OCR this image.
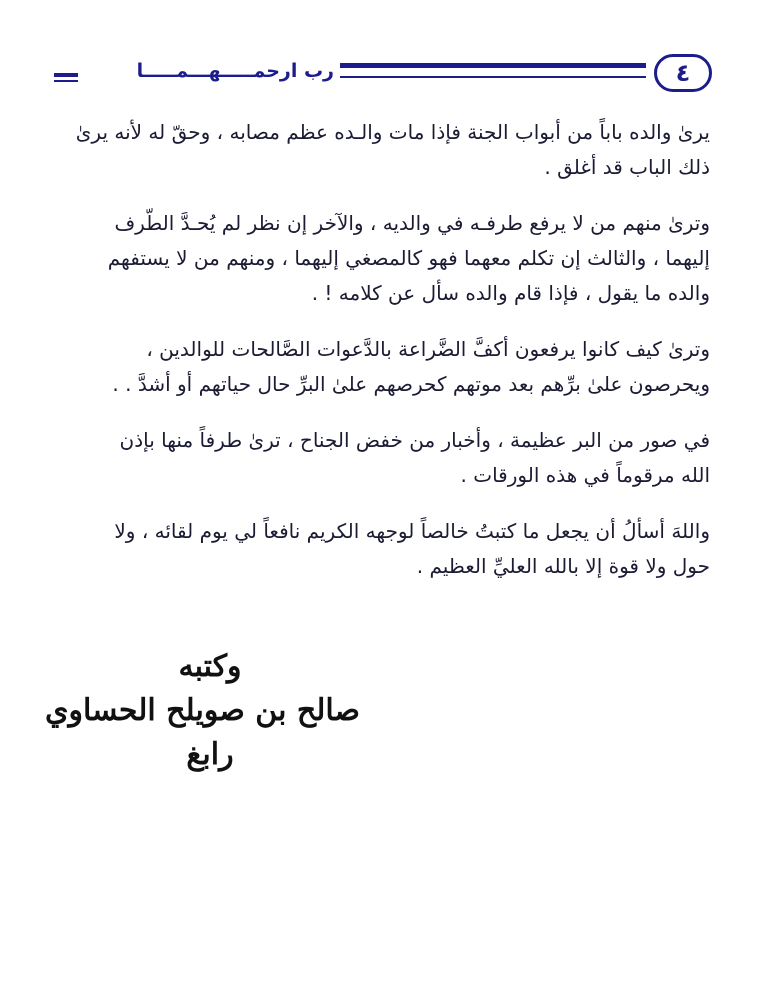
رب ارحمـــــهـــمـــــا	٤

يرىٰ والده باباً من أبواب الجنة فإذا مات والـده عظم مصابه ، وحقّ له لأنه يرىٰ

ذلك الباب قد أغلق .

وترىٰ منهم من لا يرفع طرفـه في والديه ، والآخر إن نظر لم يُحـدَّ الطّرف

إليهما ، والثالث إن تكلم معهما فهو كالمصغي إليهما ، ومنهم من لا يستفهم

والده ما يقول ، فإذا قام والده سأل عن كلامه ! .

وترىٰ كيف كانوا يرفعون أكفَّ الضَّراعة بالدَّعوات الصَّالحات للوالدين ،

ويحرصون علىٰ برِّهم بعد موتهم كحرصهم علىٰ البرِّ حال حياتهم أو أشدَّ . .

في صور من البر عظيمة ، وأخبار من خفض الجناح ، ترىٰ طرفاً منها بإذن

الله مرقوماً في هذه الورقات .

واللهَ أسألُ أن يجعل ما كتبتُ خالصاً لوجهه الكريم نافعاً لي يوم لقائه ، ولا

حول ولا قوة إلا بالله العليِّ العظيم .

وكتبه
صالح بن صويلح الحساوي
رابغ
